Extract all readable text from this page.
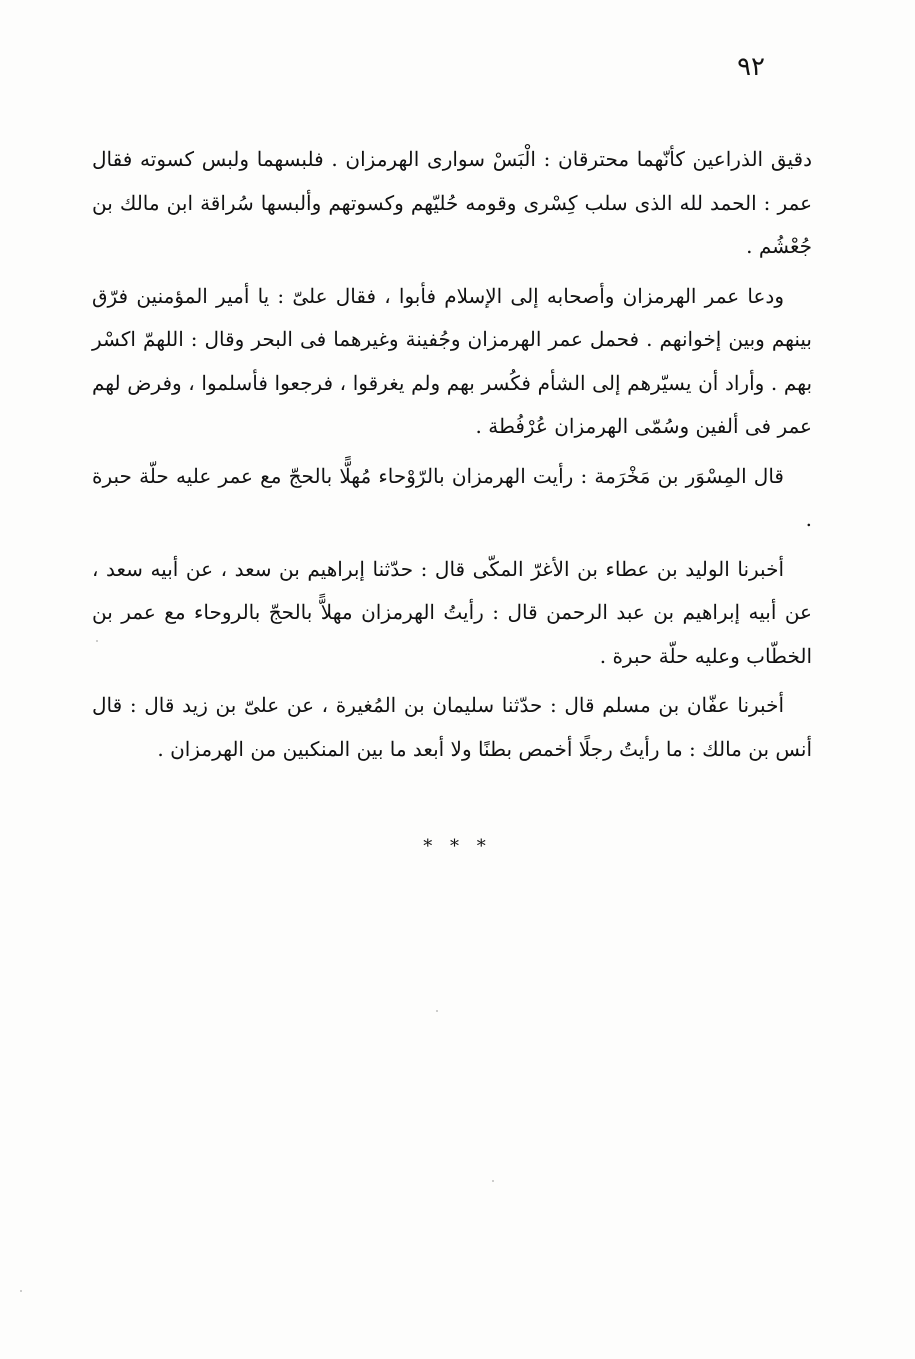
٩٢

دقيق الذراعين كأنّهما محترقان : الْبَسْ سوارى الهرمزان . فلبسهما ولبس كسوته فقال عمر : الحمد لله الذى سلب كِسْرى وقومه حُليّهم وكسوتهم وألبسها سُراقة ابن مالك بن جُعْشُم .

ودعا عمر الهرمزان وأصحابه إلى الإسلام فأبوا ، فقال علىّ : يا أمير المؤمنين فرّق بينهم وبين إخوانهم . فحمل عمر الهرمزان وجُفينة وغيرهما فى البحر وقال : اللهمّ اكسْر بهم . وأراد أن يسيّرهم إلى الشأم فكُسر بهم ولم يغرقوا ، فرجعوا فأسلموا ، وفرض لهم عمر فى ألفين وسُمّى الهرمزان عُرْفُطة .

قال المِسْوَر بن مَخْرَمة : رأيت الهرمزان بالرّوْحاء مُهلًّا بالحجّ مع عمر عليه حلّة حبرة .

أخبرنا الوليد بن عطاء بن الأغرّ المكّى قال : حدّثنا إبراهيم بن سعد ، عن أبيه سعد ، عن أبيه إبراهيم بن عبد الرحمن قال : رأيتُ الهرمزان مهلاًّ بالحجّ بالروحاء مع عمر بن الخطّاب وعليه حلّة حبرة .

أخبرنا عفّان بن مسلم قال : حدّثنا سليمان بن المُغيرة ، عن علىّ بن زيد قال : قال أنس بن مالك : ما رأيتُ رجلًا أخمص بطنًا ولا أبعد ما بين المنكبين من الهرمزان .

* * *
